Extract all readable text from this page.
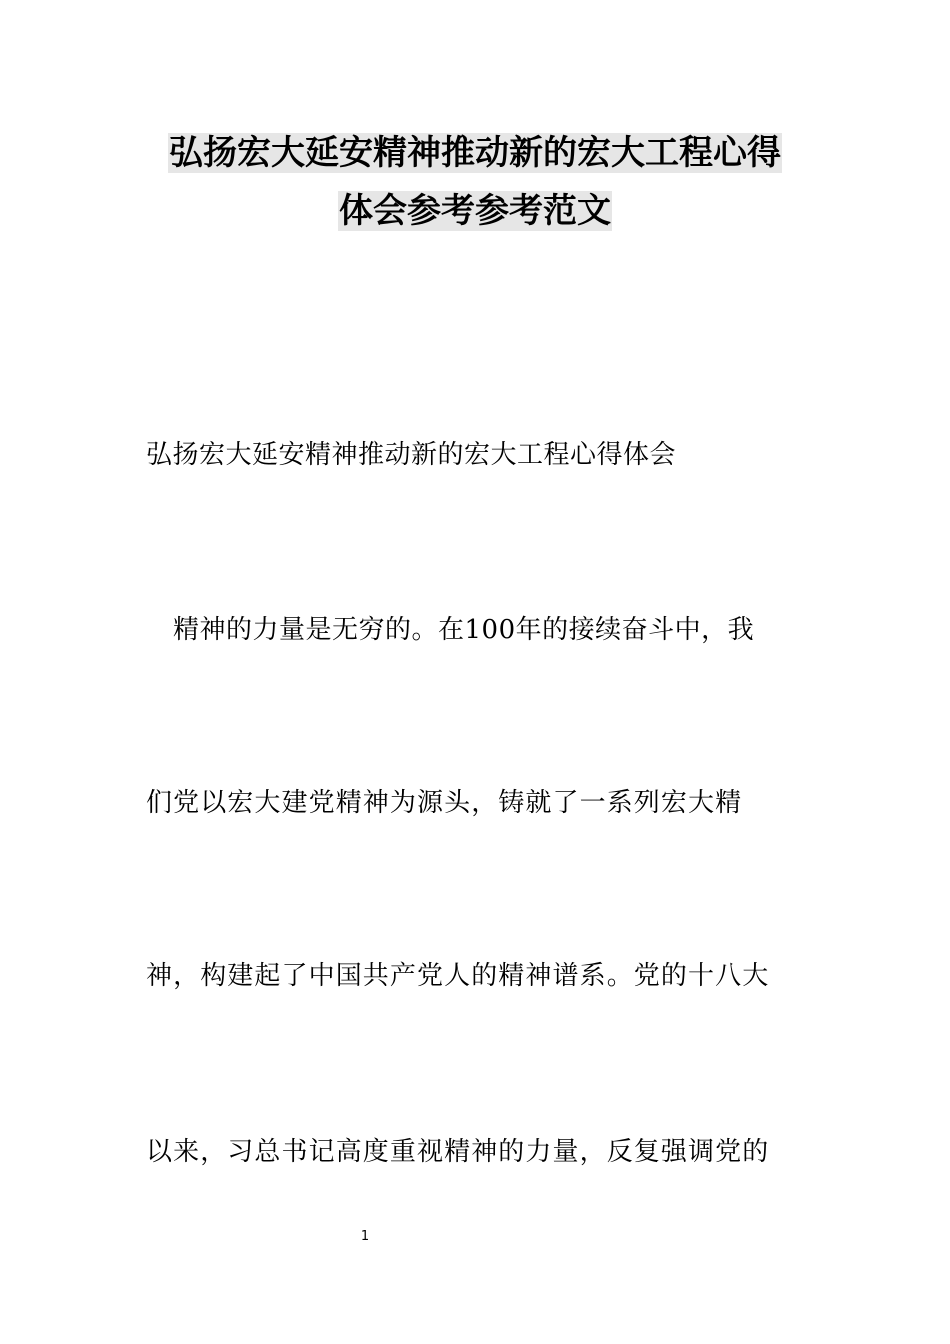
弘扬宏大延安精神推动新的宏大工程心得
体会参考参考范文
弘扬宏大延安精神推动新的宏大工程心得体会
精神的力量是无穷的。在100年的接续奋斗中，我
们党以宏大建党精神为源头，铸就了一系列宏大精
神，构建起了中国共产党人的精神谱系。党的十八大
以来，习总书记高度重视精神的力量，反复强调党的
1
